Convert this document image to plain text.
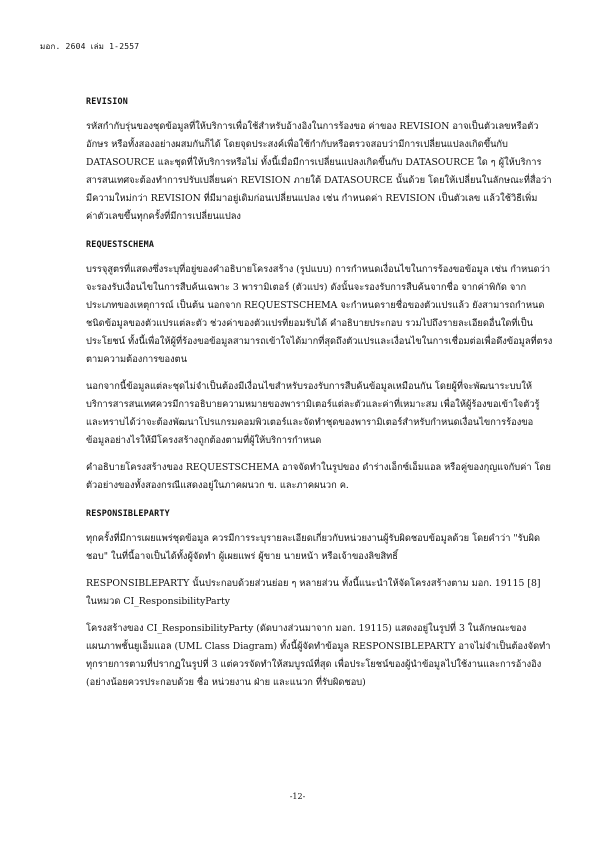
มอก. 2604 เล่ม 1-2557
REVISION

รหัสกำกับรุ่นของชุดข้อมูลที่ให้บริการเพื่อใช้สำหรับอ้างอิงในการร้องขอ ค่าของ REVISION อาจเป็นตัวเลขหรือตัวอักษร หรือทั้งสองอย่างผสมกันก็ได้ โดยจุดประสงค์เพื่อใช้กำกับหรือตรวจสอบว่ามีการเปลี่ยนแปลงเกิดขึ้นกับ DATASOURCE และชุดที่ให้บริการหรือไม่ ทั้งนี้เมื่อมีการเปลี่ยนแปลงเกิดขึ้นกับ DATASOURCE ใด ๆ ผู้ให้บริการสารสนเทศจะต้องทำการปรับเปลี่ยนค่า REVISION ภายใต้ DATASOURCE นั้นด้วย โดยให้เปลี่ยนในลักษณะที่สื่อว่ามีความใหม่กว่า REVISION ที่มีมาอยู่เดิมก่อนเปลี่ยนแปลง เช่น กำหนดค่า REVISION เป็นตัวเลข แล้วใช้วิธีเพิ่มค่าตัวเลขขึ้นทุกครั้งที่มีการเปลี่ยนแปลง

REQUESTSCHEMA

บรรจุสูตรที่แสดงซึ่งระบุที่อยู่ของคำอธิบายโครงสร้าง (รูปแบบ) การกำหนดเงื่อนไขในการร้องขอข้อมูล เช่น กำหนดว่าจะรองรับเงื่อนไขในการสืบค้นเฉพาะ 3 พารามิเตอร์ (ตัวแปร) ดังนั้นจะรองรับการสืบค้นจากชื่อ จากค่าพิกัด จากประเภทของเหตุการณ์ เป็นต้น นอกจาก REQUESTSCHEMA จะกำหนดรายชื่อของตัวแปรแล้ว ยังสามารถกำหนดชนิดข้อมูลของตัวแปรแต่ละตัว ช่วงค่าของตัวแปรที่ยอมรับได้ คำอธิบายประกอบ รวมไปถึงรายละเอียดอื่นใดที่เป็นประโยชน์ ทั้งนี้เพื่อให้ผู้ที่ร้องขอข้อมูลสามารถเข้าใจได้มากที่สุดถึงตัวแปรและเงื่อนไขในการเชื่อมต่อเพื่อดึงข้อมูลที่ตรงตามความต้องการของตน

นอกจากนี้ข้อมูลแต่ละชุดไม่จำเป็นต้องมีเงื่อนไขสำหรับรองรับการสืบค้นข้อมูลเหมือนกัน โดยผู้ที่จะพัฒนาระบบให้บริการสารสนเทศควรมีการอธิบายความหมายของพารามิเตอร์แต่ละตัวและค่าที่เหมาะสม เพื่อให้ผู้ร้องขอเข้าใจตัวรู้และทราบได้ว่าจะต้องพัฒนาโปรแกรมคอมพิวเตอร์และจัดทำชุดของพารามิเตอร์สำหรับกำหนดเงื่อนไขการร้องขอข้อมูลอย่างไรให้มีโครงสร้างถูกต้องตามที่ผู้ให้บริการกำหนด

คำอธิบายโครงสร้างของ REQUESTSCHEMA อาจจัดทำในรูปของ ดำร่างเอ็กซ์เอ็มแอล หรือคู่ของกุญแจกับค่า โดยตัวอย่างของทั้งสองกรณีแสดงอยู่ในภาคผนวก ข. และภาคผนวก ค.

RESPONSIBLEPARTY

ทุกครั้งที่มีการเผยแพร่ชุดข้อมูล ควรมีการระบุรายละเอียดเกี่ยวกับหน่วยงานผู้รับผิดชอบข้อมูลด้วย โดยคำว่า "รับผิดชอบ" ในที่นี้อาจเป็นได้ทั้งผู้จัดทำ ผู้เผยแพร่ ผู้ขาย นายหน้า หรือเจ้าของลิขสิทธิ์

RESPONSIBLEPARTY นั้นประกอบด้วยส่วนย่อย ๆ หลายส่วน ทั้งนี้แนะนำให้จัดโครงสร้างตาม มอก. 19115 [8] ในหมวด CI_ResponsibilityParty

โครงสร้างของ CI_ResponsibilityParty (ดัดบางส่วนมาจาก มอก. 19115) แสดงอยู่ในรูปที่ 3 ในลักษณะของแผนภาพชั้นยูเอ็มแอล (UML Class Diagram) ทั้งนี้ผู้จัดทำข้อมูล RESPONSIBLEPARTY อาจไม่จำเป็นต้องจัดทำทุกรายการตามที่ปรากฏในรูปที่ 3 แต่ควรจัดทำให้สมบูรณ์ที่สุด เพื่อประโยชน์ของผู้นำข้อมูลไปใช้งานและการอ้างอิง (อย่างน้อยควรประกอบด้วย ชื่อ หน่วยงาน ฝ่าย และแนวก ที่รับผิดชอบ)

-12-
